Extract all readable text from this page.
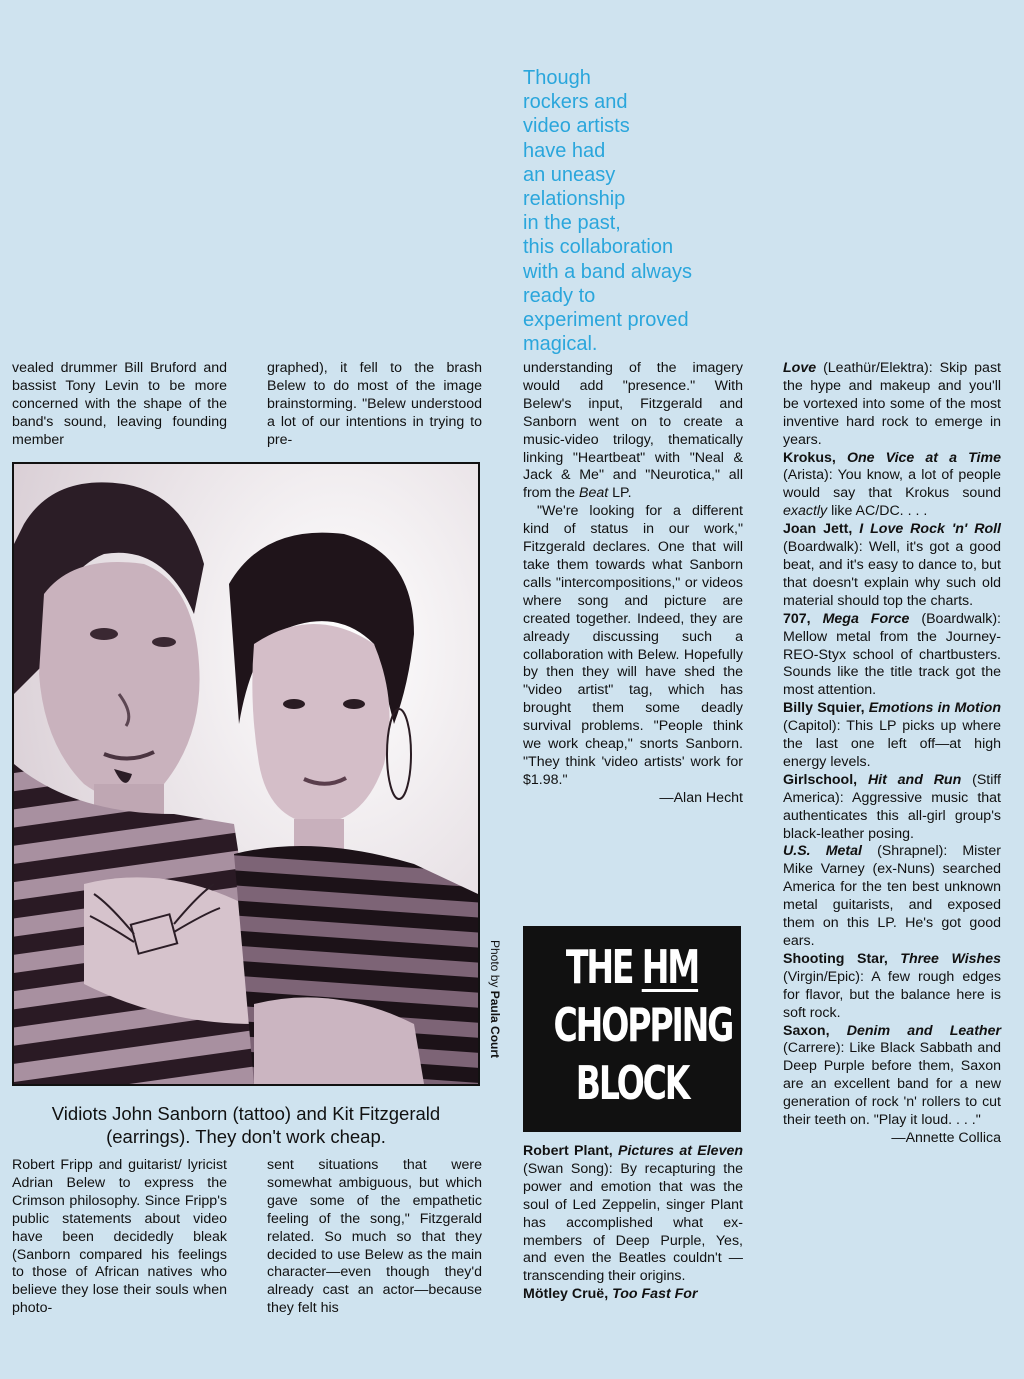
Though
rockers and
video artists
have had
an uneasy
relationship
in the past,
this collaboration
with a band always
ready to
experiment proved
magical.

vealed drummer Bill Bruford and bassist Tony Levin to be more concerned with the shape of the band's sound, leaving founding member

graphed), it fell to the brash Belew to do most of the image brainstorming. "Belew understood a lot of our intentions in trying to pre-

Photo by Paula Court
Vidiots John Sanborn (tattoo) and Kit Fitzgerald
(earrings). They don't work cheap.

Robert Fripp and guitarist/ lyricist Adrian Belew to express the Crimson philosophy. Since Fripp's public statements about video have been decidedly bleak (Sanborn compared his feelings to those of African natives who believe they lose their souls when photo-

sent situations that were somewhat ambiguous, but which gave some of the empathetic feeling of the song," Fitzgerald related. So much so that they decided to use Belew as the main character—even though they'd already cast an actor—because they felt his

understanding of the imagery would add "presence." With Belew's input, Fitzgerald and Sanborn went on to create a music-video trilogy, thematically linking "Heartbeat" with "Neal & Jack & Me" and "Neurotica," all from the Beat LP.

"We're looking for a different kind of status in our work," Fitzgerald declares. One that will take them towards what Sanborn calls "intercompositions," or videos where song and picture are created together. Indeed, they are already discussing such a collaboration with Belew. Hopefully by then they will have shed the "video artist" tag, which has brought them some deadly survival problems. "People think we work cheap," snorts Sanborn. "They think 'video artists' work for $1.98."

—Alan Hecht

THE HM
CHOPPING
BLOCK

Robert Plant, Pictures at Eleven (Swan Song): By recapturing the power and emotion that was the soul of Led Zeppelin, singer Plant has accomplished what ex-members of Deep Purple, Yes, and even the Beatles couldn't — transcending their origins.

Mötley Cruë, Too Fast For

Love (Leathür/Elektra): Skip past the hype and makeup and you'll be vortexed into some of the most inventive hard rock to emerge in years.

Krokus, One Vice at a Time (Arista): You know, a lot of people would say that Krokus sound exactly like AC/DC. . . .

Joan Jett, I Love Rock 'n' Roll (Boardwalk): Well, it's got a good beat, and it's easy to dance to, but that doesn't explain why such old material should top the charts.

707, Mega Force (Boardwalk): Mellow metal from the Journey-REO-Styx school of chartbusters. Sounds like the title track got the most attention.

Billy Squier, Emotions in Motion (Capitol): This LP picks up where the last one left off—at high energy levels.

Girlschool, Hit and Run (Stiff America): Aggressive music that authenticates this all-girl group's black-leather posing.

U.S. Metal (Shrapnel): Mister Mike Varney (ex-Nuns) searched America for the ten best unknown metal guitarists, and exposed them on this LP. He's got good ears.

Shooting Star, Three Wishes (Virgin/Epic): A few rough edges for flavor, but the balance here is soft rock.

Saxon, Denim and Leather (Carrere): Like Black Sabbath and Deep Purple before them, Saxon are an excellent band for a new generation of rock 'n' rollers to cut their teeth on. "Play it loud. . . ."

—Annette Collica
